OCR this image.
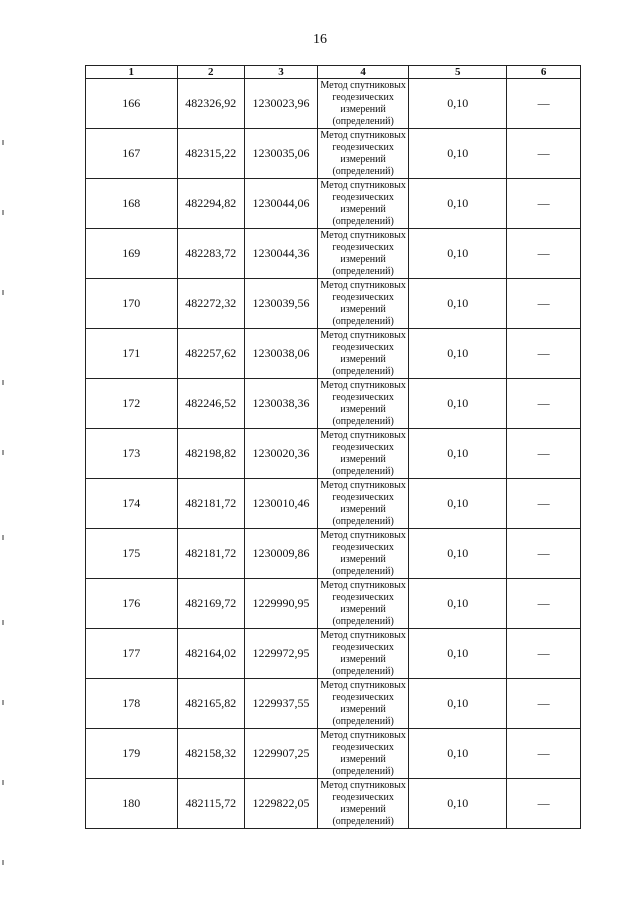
16
1	2	3	4	5	6
166	482326,92	1230023,96	Метод спутниковых геодезических измерений (определений)	0,10	—
167	482315,22	1230035,06	Метод спутниковых геодезических измерений (определений)	0,10	—
168	482294,82	1230044,06	Метод спутниковых геодезических измерений (определений)	0,10	—
169	482283,72	1230044,36	Метод спутниковых геодезических измерений (определений)	0,10	—
170	482272,32	1230039,56	Метод спутниковых геодезических измерений (определений)	0,10	—
171	482257,62	1230038,06	Метод спутниковых геодезических измерений (определений)	0,10	—
172	482246,52	1230038,36	Метод спутниковых геодезических измерений (определений)	0,10	—
173	482198,82	1230020,36	Метод спутниковых геодезических измерений (определений)	0,10	—
174	482181,72	1230010,46	Метод спутниковых геодезических измерений (определений)	0,10	—
175	482181,72	1230009,86	Метод спутниковых геодезических измерений (определений)	0,10	—
176	482169,72	1229990,95	Метод спутниковых геодезических измерений (определений)	0,10	—
177	482164,02	1229972,95	Метод спутниковых геодезических измерений (определений)	0,10	—
178	482165,82	1229937,55	Метод спутниковых геодезических измерений (определений)	0,10	—
179	482158,32	1229907,25	Метод спутниковых геодезических измерений (определений)	0,10	—
180	482115,72	1229822,05	Метод спутниковых геодезических измерений (определений)	0,10	—
